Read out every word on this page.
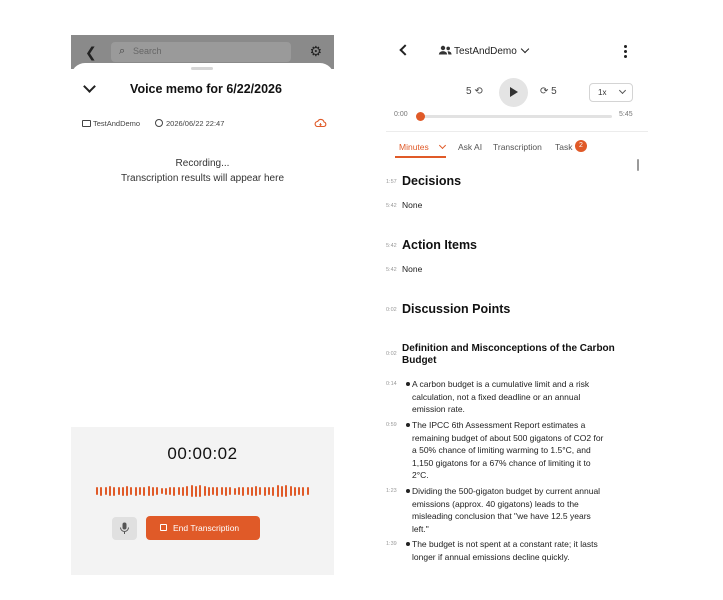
❮ ⌕ Search	⚙
Voice memo for 6/22/2026
TestAndDemo	2026/06/22 22:47
Recording...
Transcription results will appear here
00:00:02
End Transcription
TestAndDemo
5 ⟲	⟳ 5	1x
0:00	5:45
Minutes	Ask AI Transcription Task 2
1:57 Decisions
5:42 None
5:42 Action Items
5:42 None
0:02 Discussion Points
0:02 Definition and Misconceptions of the Carbon Budget
0:14 A carbon budget is a cumulative limit and a risk
calculation, not a fixed deadline or an annual
emission rate.
0:59 The IPCC 6th Assessment Report estimates a
remaining budget of about 500 gigatons of CO2 for
a 50% chance of limiting warming to 1.5°C, and
1,150 gigatons for a 67% chance of limiting it to
2°C.
1:23 Dividing the 500-gigaton budget by current annual
emissions (approx. 40 gigatons) leads to the
misleading conclusion that "we have 12.5 years
left."
1:39 The budget is not spent at a constant rate; it lasts
longer if annual emissions decline quickly.
